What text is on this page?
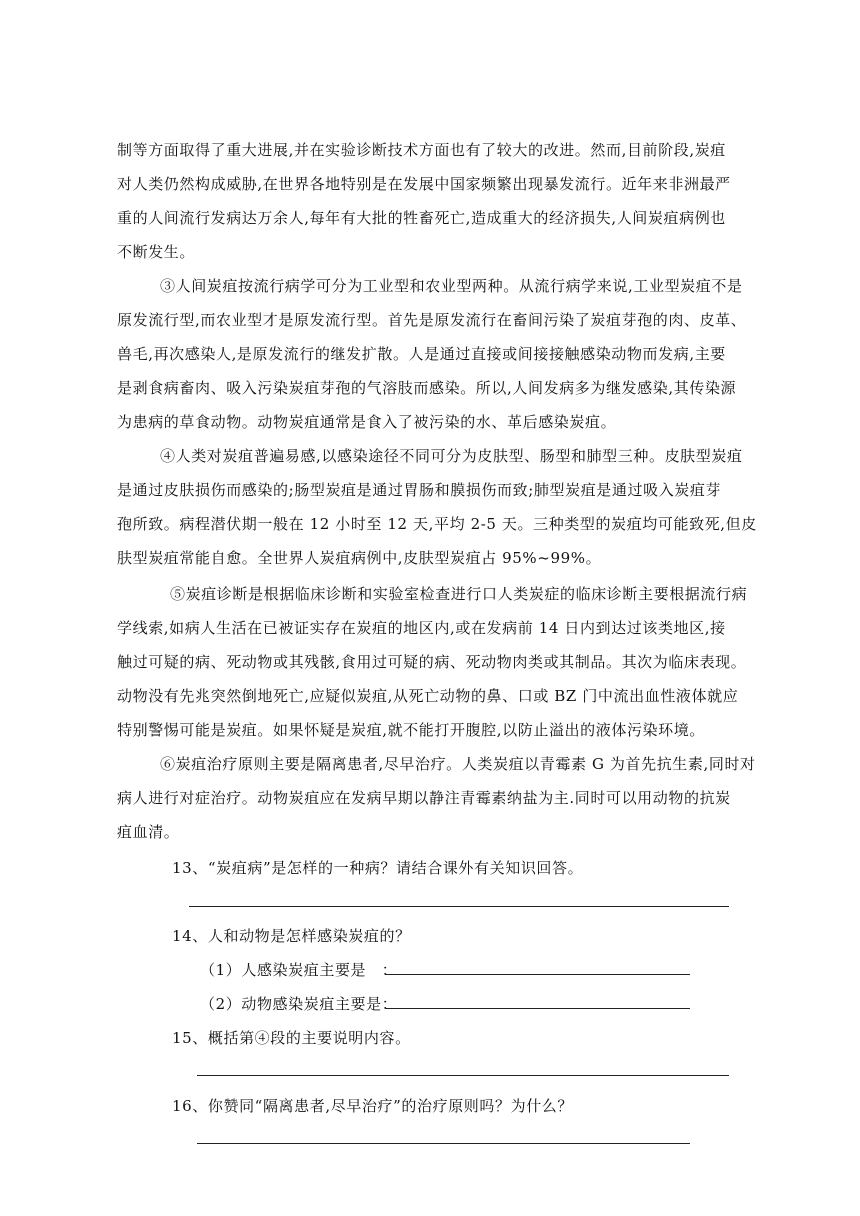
制等方面取得了重大进展,并在实验诊断技术方面也有了较大的改进。然而,目前阶段,炭疽
对人类仍然构成威胁,在世界各地特别是在发展中国家频繁出现暴发流行。近年来非洲最严
重的人间流行发病达万余人,每年有大批的牲畜死亡,造成重大的经济损失,人间炭疽病例也
不断发生。
③人间炭疽按流行病学可分为工业型和农业型两种。从流行病学来说,工业型炭疽不是
原发流行型,而农业型才是原发流行型。首先是原发流行在畜间污染了炭疽芽孢的肉、皮革、
兽毛,再次感染人,是原发流行的继发扩散。人是通过直接或间接接触感染动物而发病,主要
是剥食病畜肉、吸入污染炭疽芽孢的气溶肢而感染。所以,人间发病多为继发感染,其传染源
为患病的草食动物。动物炭疽通常是食入了被污染的水、革后感染炭疽。
④人类对炭疽普遍易感,以感染途径不同可分为皮肤型、肠型和肺型三种。皮肤型炭疽
是通过皮肤损伤而感染的;肠型炭疽是通过胃肠和膜损伤而致;肺型炭疽是通过吸入炭疽芽
孢所致。病程潜伏期一般在 12 小时至 12 天,平均 2-5 天。三种类型的炭疽均可能致死,但皮
肤型炭疽常能自愈。全世界人炭疽病例中,皮肤型炭疽占 95%~99%。
⑤炭疽诊断是根据临床诊断和实验室检查进行口人类炭症的临床诊断主要根据流行病
学线索,如病人生活在已被证实存在炭疽的地区内,或在发病前 14 日内到达过该类地区,接
触过可疑的病、死动物或其残骸,食用过可疑的病、死动物肉类或其制品。其次为临床表现。
动物没有先兆突然倒地死亡,应疑似炭疽,从死亡动物的鼻、口或 BZ 门中流出血性液体就应
特别警惕可能是炭疽。如果怀疑是炭疽,就不能打开腹腔,以防止溢出的液体污染环境。
⑥炭疽治疗原则主要是隔离患者,尽早治疗。人类炭疽以青霉素 G 为首先抗生素,同时对
病人进行对症治疗。动物炭疽应在发病早期以静注青霉素纳盐为主.同时可以用动物的抗炭
疽血清。
13、“炭疽病”是怎样的一种病？请结合课外有关知识回答。
14、人和动物是怎样感染炭疽的？
（1）人感染炭疽主要是　：
（2）动物感染炭疽主要是：
15、概括第④段的主要说明内容。
16、你赞同“隔离患者,尽早治疗”的治疗原则吗？为什么？
